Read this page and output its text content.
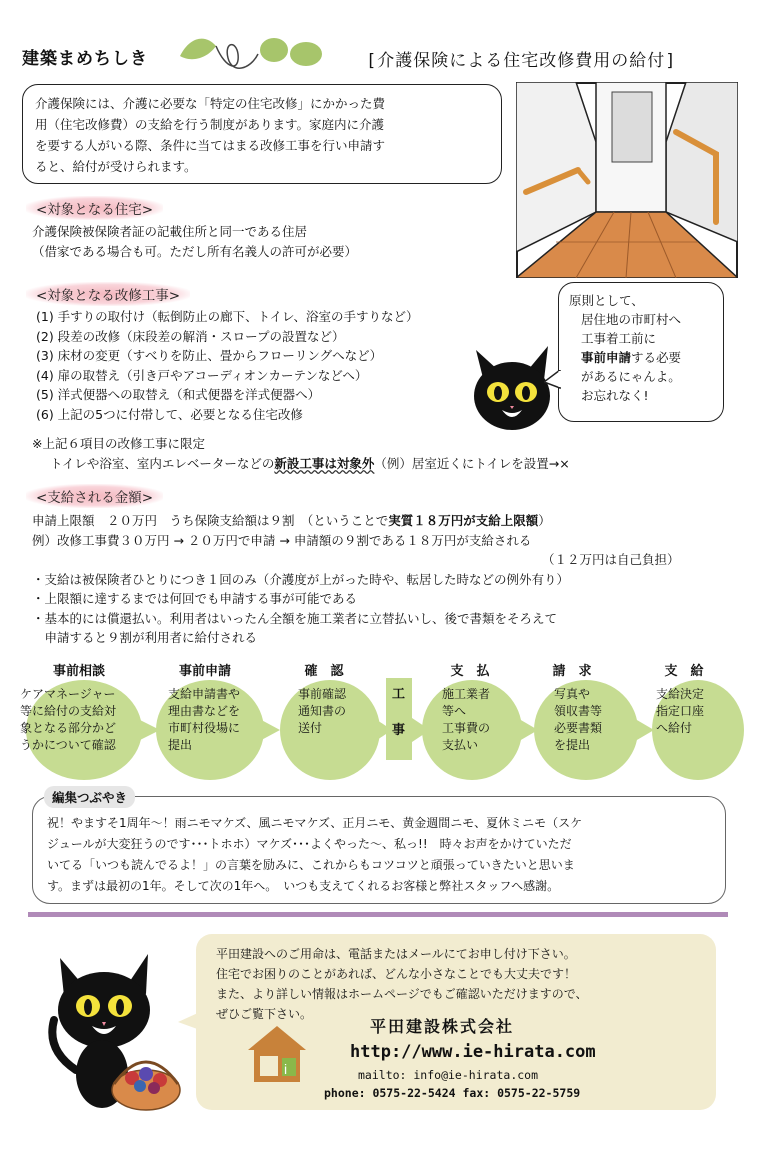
建築まめちしき	[介護保険による住宅改修費用の給付]
介護保険には、介護に必要な「特定の住宅改修」にかかった費
用（住宅改修費）の支給を行う制度があります。家庭内に介護
を要する人がいる際、条件に当てはまる改修工事を行い申請す
ると、給付が受けられます。
<対象となる住宅>
介護保険被保険者証の記載住所と同一である住居
（借家である場合も可。ただし所有名義人の許可が必要）
<対象となる改修工事>
(1) 手すりの取付け（転倒防止の廊下、トイレ、浴室の手すりなど）
(2) 段差の改修（床段差の解消・スロープの設置など）
(3) 床材の変更（すべりを防止、畳からフローリングへなど）
(4) 扉の取替え（引き戸やアコーディオンカーテンなどへ）
(5) 洋式便器への取替え（和式便器を洋式便器へ）
(6) 上記の5つに付帯して、必要となる住宅改修
原則として、
居住地の市町村へ
工事着工前に
事前申請する必要
があるにゃんよ。
お忘れなく!
※上記６項目の改修工事に限定
トイレや浴室、室内エレベーターなどの新設工事は対象外（例）居室近くにトイレを設置→×
<支給される金額>
申請上限額　２０万円　うち保険支給額は９割　（ということで実質１８万円が支給上限額）
例）改修工事費３０万円 → ２０万円で申請 → 申請額の９割である１８万円が支給される
（１２万円は自己負担）
・支給は被保険者ひとりにつき１回のみ（介護度が上がった時や、転居した時などの例外有り）
・上限額に達するまでは何回でも申請する事が可能である
・基本的には償還払い。利用者はいったん全額を施工業者に立替払いし、後で書類をそろえて
　申請すると９割が利用者に給付される
事前相談	事前申請	確　認	支　払	請　求	支　給
ケアマネージャー
等に給付の支給対
象となる部分かど
うかについて確認
支給申請書や
理由書などを
市町村役場に
提出
事前確認
通知書の
送付
工
事
施工業者
等へ
工事費の
支払い
写真や
領収書等
必要書類
を提出
支給決定
指定口座
へ給付
祝！やますそ1周年～！雨ニモマケズ、風ニモマケズ、正月ニモ、黄金週間ニモ、夏休ミニモ（スケ
ジュールが大変狂うのです･･･トホホ）マケズ･･･よくやった～、私っ!!　時々お声をかけていただ
いてる「いつも読んでるよ！」の言葉を励みに、これからもコツコツと頑張っていきたいと思いま
す。まずは最初の1年。そして次の1年へ。　いつも支えてくれるお客様と弊社スタッフへ感謝。
編集つぶやき
平田建設へのご用命は、電話またはメールにてお申し付け下さい。
住宅でお困りのことがあれば、どんな小さなことでも大丈夫です！
また、より詳しい情報はホームページでもご確認いただけますので、
ぜひご覧下さい。
i
平田建設株式会社
http://www.ie-hirata.com
mailto: info@ie-hirata.com
phone: 0575-22-5424 fax: 0575-22-5759
